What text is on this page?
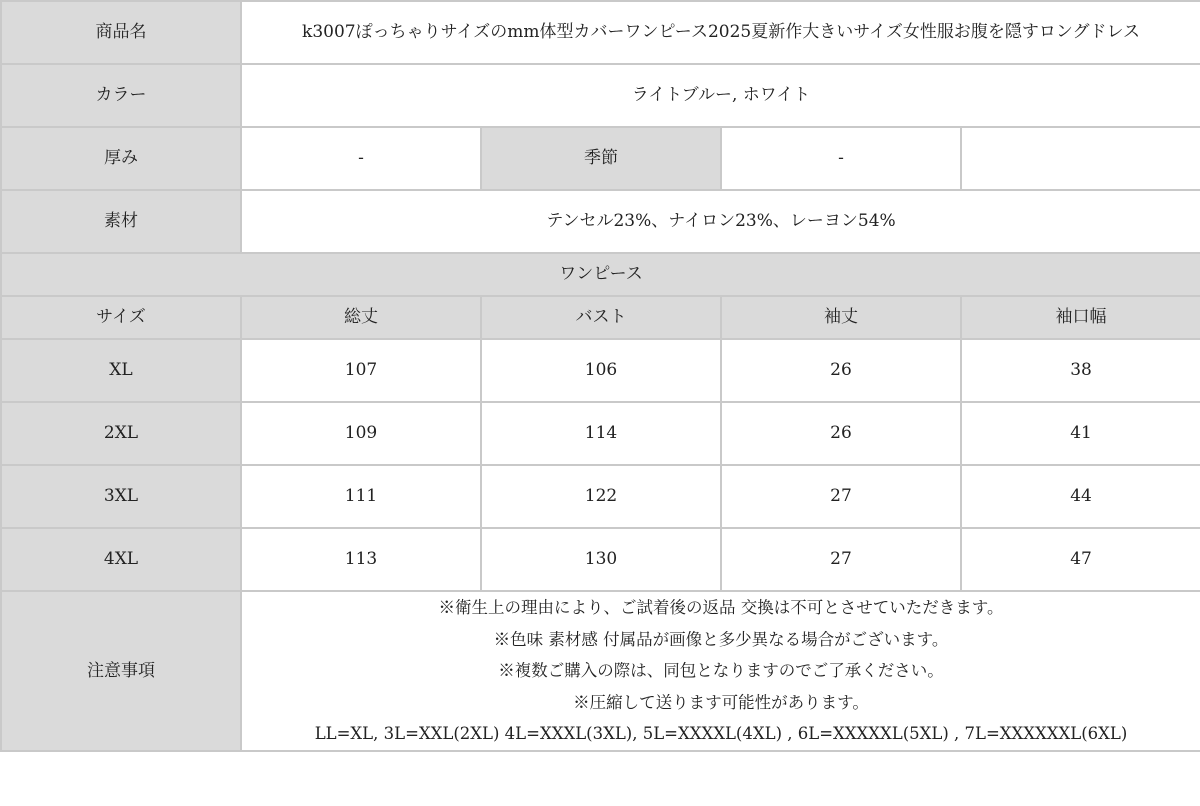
商品名	k3007ぽっちゃりサイズのmm体型カバーワンピース2025夏新作大きいサイズ女性服お腹を隠すロングドレス			
カラー	ライトブルー, ホワイト			
厚み	-	季節	-	
素材	テンセル23%、ナイロン23%、レーヨン54%			
ワンピース				
サイズ	総丈	バスト	袖丈	袖口幅
XL	107	106	26	38
2XL	109	114	26	41
3XL	111	122	27	44
4XL	113	130	27	47
注意事項	※衛生上の理由により、ご試着後の返品 交換は不可とさせていただきます。
※色味 素材感 付属品が画像と多少異なる場合がございます。
※複数ご購入の際は、同包となりますのでご了承ください。
※圧縮して送ります可能性があります。
LL=XL, 3L=XXL(2XL) 4L=XXXL(3XL), 5L=XXXXL(4XL) , 6L=XXXXXL(5XL) , 7L=XXXXXXL(6XL)			
